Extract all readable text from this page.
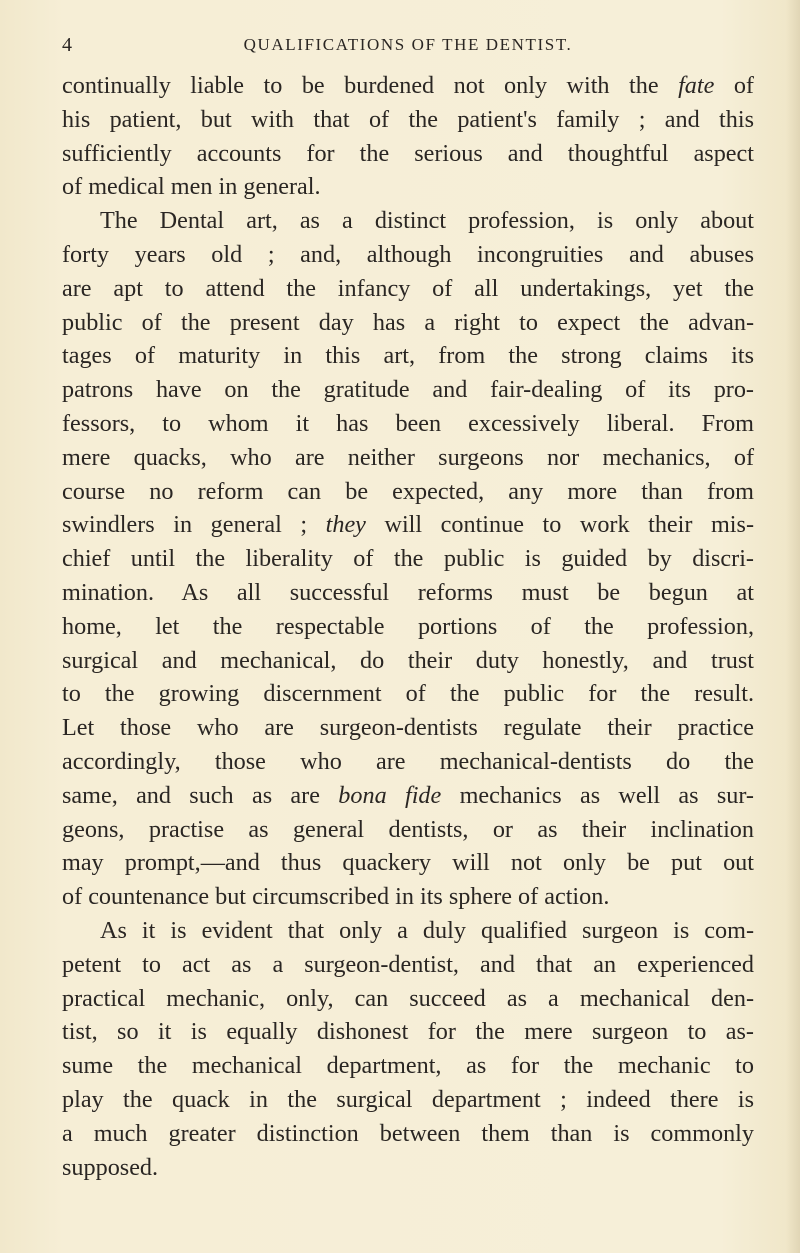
4	QUALIFICATIONS OF THE DENTIST.
continually liable to be burdened not only with the fate of
his patient, but with that of the patient's family ; and this
sufficiently accounts for the serious and thoughtful aspect
of medical men in general.
The Dental art, as a distinct profession, is only about
forty years old ; and, although incongruities and abuses
are apt to attend the infancy of all undertakings, yet the
public of the present day has a right to expect the advan-
tages of maturity in this art, from the strong claims its
patrons have on the gratitude and fair-dealing of its pro-
fessors, to whom it has been excessively liberal. From
mere quacks, who are neither surgeons nor mechanics, of
course no reform can be expected, any more than from
swindlers in general ; they will continue to work their mis-
chief until the liberality of the public is guided by discri-
mination. As all successful reforms must be begun at
home, let the respectable portions of the profession,
surgical and mechanical, do their duty honestly, and trust
to the growing discernment of the public for the result.
Let those who are surgeon-dentists regulate their practice
accordingly, those who are mechanical-dentists do the
same, and such as are bona fide mechanics as well as sur-
geons, practise as general dentists, or as their inclination
may prompt,—and thus quackery will not only be put out
of countenance but circumscribed in its sphere of action.
As it is evident that only a duly qualified surgeon is com-
petent to act as a surgeon-dentist, and that an experienced
practical mechanic, only, can succeed as a mechanical den-
tist, so it is equally dishonest for the mere surgeon to as-
sume the mechanical department, as for the mechanic to
play the quack in the surgical department ; indeed there is
a much greater distinction between them than is commonly
supposed.
